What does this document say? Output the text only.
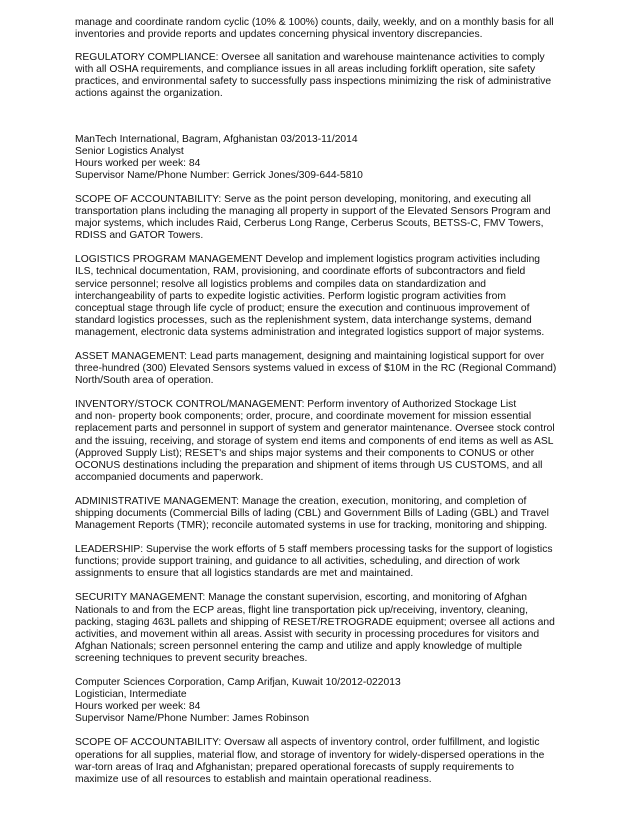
manage and coordinate random cyclic (10% & 100%) counts, daily, weekly, and on a monthly basis for all
inventories and provide reports and updates concerning physical inventory discrepancies.

REGULATORY COMPLIANCE: Oversee all sanitation and warehouse maintenance activities to comply
with all OSHA requirements, and compliance issues in all areas including forklift operation, site safety
practices, and environmental safety to successfully pass inspections minimizing the risk of administrative
actions against the organization.

ManTech International, Bagram, Afghanistan 03/2013-11/2014
Senior Logistics Analyst
Hours worked per week: 84
Supervisor Name/Phone Number: Gerrick Jones/309-644-5810

SCOPE OF ACCOUNTABILITY: Serve as the point person developing, monitoring, and executing all
transportation plans including the managing all property in support of the Elevated Sensors Program and
major systems, which includes Raid, Cerberus Long Range, Cerberus Scouts, BETSS-C, FMV Towers,
RDISS and GATOR Towers.

LOGISTICS PROGRAM MANAGEMENT Develop and implement logistics program activities including
ILS, technical documentation, RAM, provisioning, and coordinate efforts of subcontractors and field
service personnel; resolve all logistics problems and compiles data on standardization and
interchangeability of parts to expedite logistic activities. Perform logistic program activities from
conceptual stage through life cycle of product; ensure the execution and continuous improvement of
standard logistics processes, such as the replenishment system, data interchange systems, demand
management, electronic data systems administration and integrated logistics support of major systems.

ASSET MANAGEMENT: Lead parts management, designing and maintaining logistical support for over
three-hundred (300) Elevated Sensors systems valued in excess of $10M in the RC (Regional Command)
North/South area of operation.

INVENTORY/STOCK CONTROL/MANAGEMENT: Perform inventory of Authorized Stockage List
and non- property book components; order, procure, and coordinate movement for mission essential
replacement parts and personnel in support of system and generator maintenance. Oversee stock control
and the issuing, receiving, and storage of system end items and components of end items as well as ASL
(Approved Supply List); RESET's and ships major systems and their components to CONUS or other
OCONUS destinations including the preparation and shipment of items through US CUSTOMS, and all
accompanied documents and paperwork.

ADMINISTRATIVE MANAGEMENT: Manage the creation, execution, monitoring, and completion of
shipping documents (Commercial Bills of lading (CBL) and Government Bills of Lading (GBL) and Travel
Management Reports (TMR); reconcile automated systems in use for tracking, monitoring and shipping.

LEADERSHIP: Supervise the work efforts of 5 staff members processing tasks for the support of logistics
functions; provide support training, and guidance to all activities, scheduling, and direction of work
assignments to ensure that all logistics standards are met and maintained.

SECURITY MANAGEMENT: Manage the constant supervision, escorting, and monitoring of Afghan
Nationals to and from the ECP areas, flight line transportation pick up/receiving, inventory, cleaning,
packing, staging 463L pallets and shipping of RESET/RETROGRADE equipment; oversee all actions and
activities, and movement within all areas. Assist with security in processing procedures for visitors and
Afghan Nationals; screen personnel entering the camp and utilize and apply knowledge of multiple
screening techniques to prevent security breaches.

Computer Sciences Corporation, Camp Arifjan, Kuwait 10/2012-022013
Logistician, Intermediate
Hours worked per week: 84
Supervisor Name/Phone Number: James Robinson

SCOPE OF ACCOUNTABILITY: Oversaw all aspects of inventory control, order fulfillment, and logistic
operations for all supplies, material flow, and storage of inventory for widely-dispersed operations in the
war-torn areas of Iraq and Afghanistan; prepared operational forecasts of supply requirements to
maximize use of all resources to establish and maintain operational readiness.
